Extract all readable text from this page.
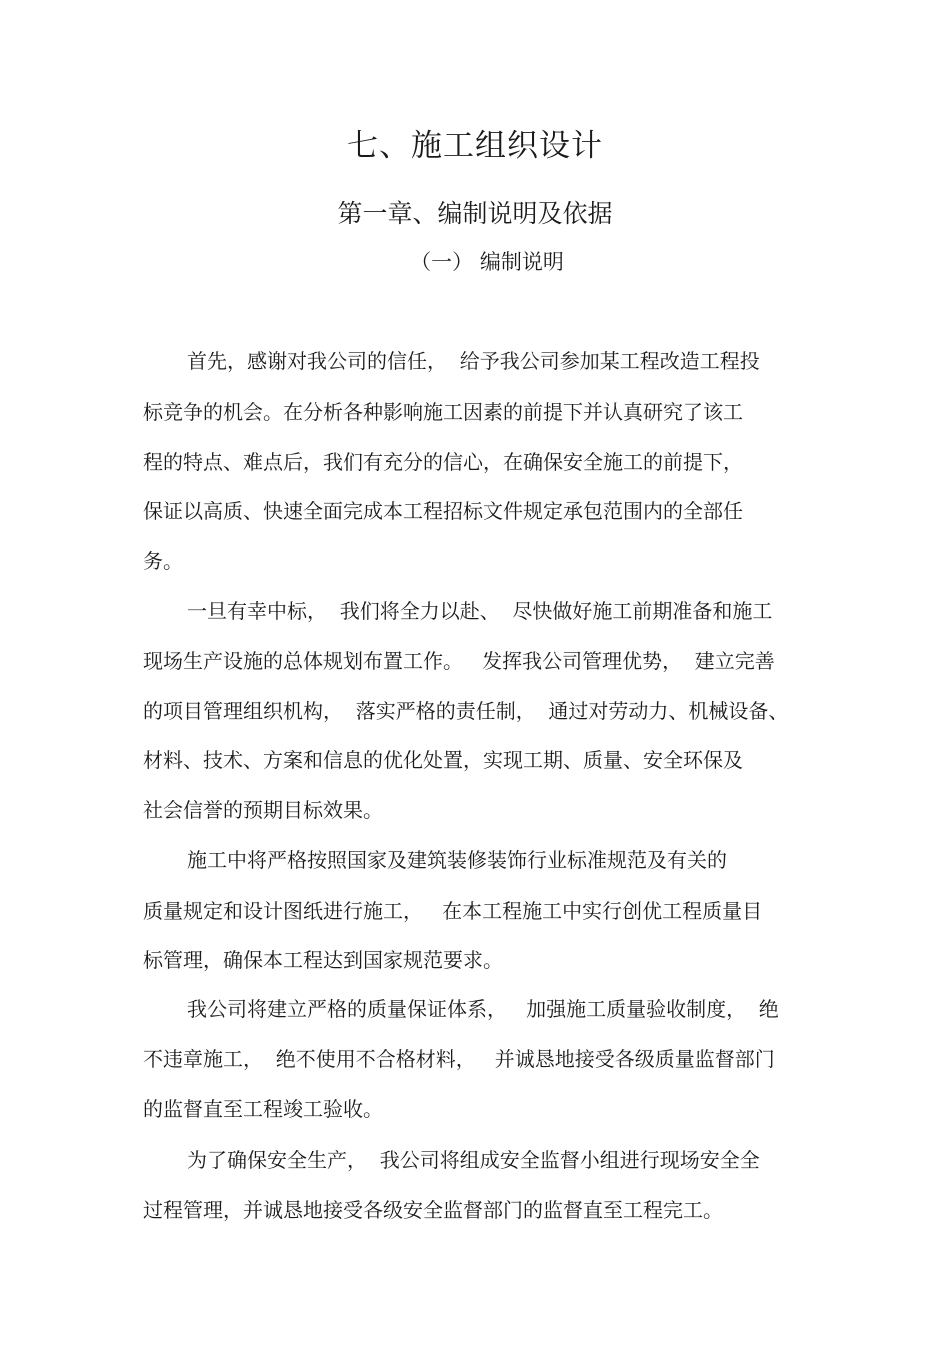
七、施工组织设计
第一章、编制说明及依据
（一） 编制说明

首先，感谢对我公司的信任，  给予我公司参加某工程改造工程投

标竞争的机会。在分析各种影响施工因素的前提下并认真研究了该工

程的特点、难点后，我们有充分的信心，在确保安全施工的前提下，

保证以高质、快速全面完成本工程招标文件规定承包范围内的全部任

务。

一旦有幸中标，  我们将全力以赴、  尽快做好施工前期准备和施工

现场生产设施的总体规划布置工作。   发挥我公司管理优势，  建立完善

的项目管理组织机构，  落实严格的责任制，  通过对劳动力、机械设备、

材料、技术、方案和信息的优化处置，实现工期、质量、安全环保及

社会信誉的预期目标效果。

施工中将严格按照国家及建筑装修装饰行业标准规范及有关的

质量规定和设计图纸进行施工，   在本工程施工中实行创优工程质量目

标管理，确保本工程达到国家规范要求。

我公司将建立严格的质量保证体系，   加强施工质量验收制度，  绝

不违章施工，  绝不使用不合格材料，   并诚恳地接受各级质量监督部门

的监督直至工程竣工验收。

为了确保安全生产，  我公司将组成安全监督小组进行现场安全全

过程管理，并诚恳地接受各级安全监督部门的监督直至工程完工。
